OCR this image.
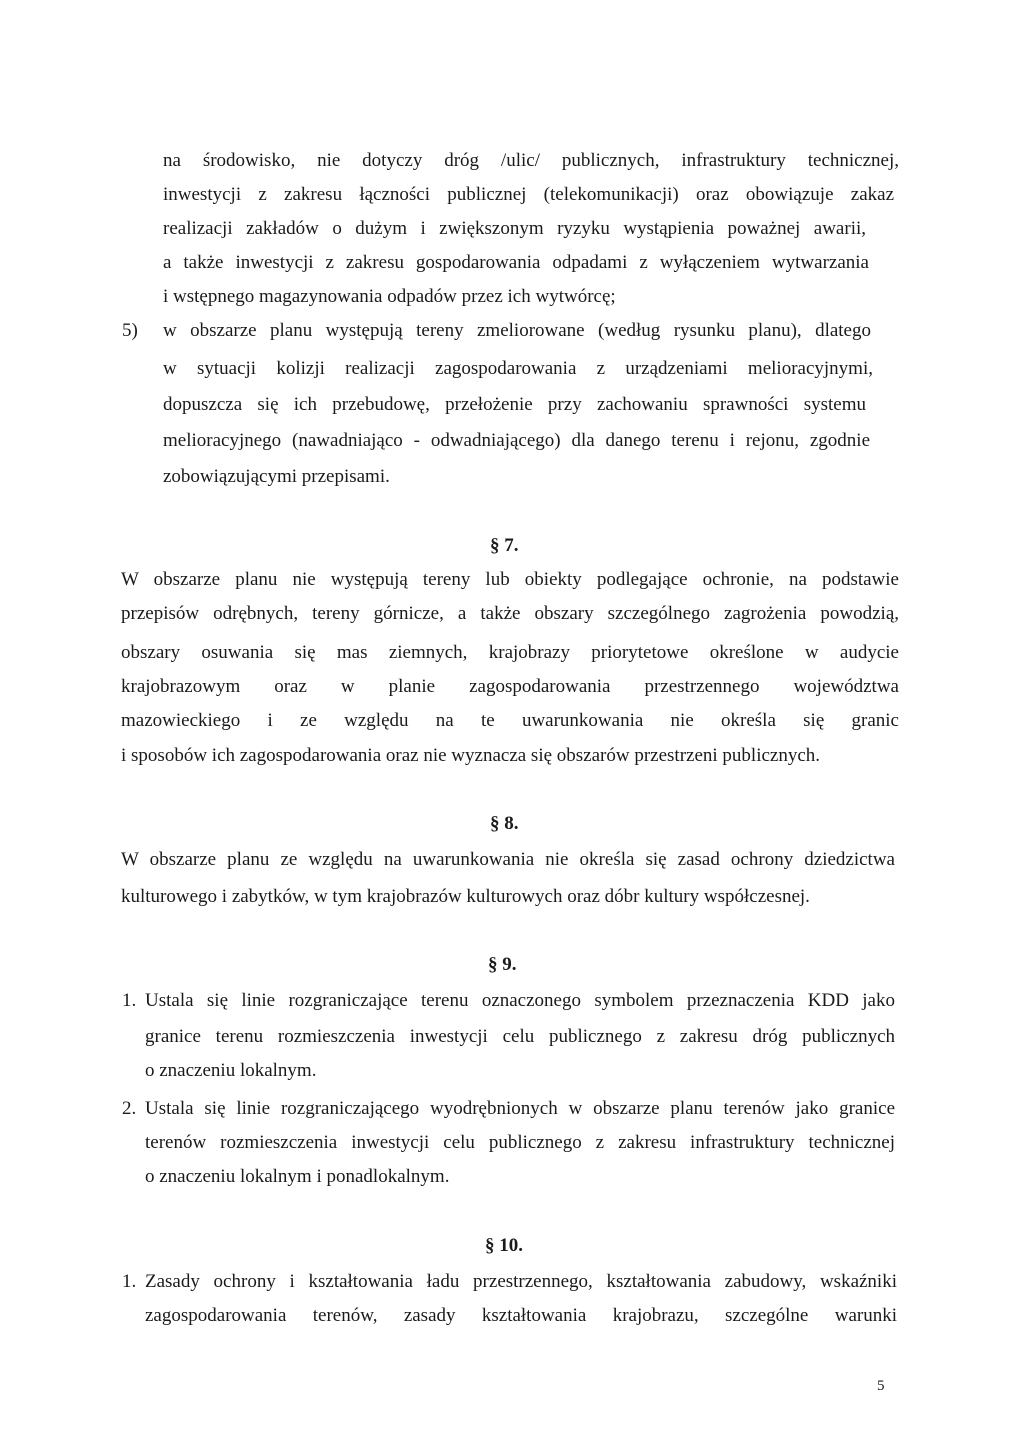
na środowisko, nie dotyczy dróg /ulic/ publicznych, infrastruktury technicznej,
inwestycji z zakresu łączności publicznej (telekomunikacji) oraz obowiązuje zakaz
realizacji zakładów o dużym i zwiększonym ryzyku wystąpienia poważnej awarii,
a także inwestycji z zakresu gospodarowania odpadami z wyłączeniem wytwarzania
i wstępnego magazynowania odpadów przez ich wytwórcę;
5) w obszarze planu występują tereny zmeliorowane (według rysunku planu), dlatego
w sytuacji kolizji realizacji zagospodarowania z urządzeniami melioracyjnymi,
dopuszcza się ich przebudowę, przełożenie przy zachowaniu sprawności systemu
melioracyjnego (nawadniająco - odwadniającego) dla danego terenu i rejonu, zgodnie
zobowiązującymi przepisami.
§ 7.
W obszarze planu nie występują tereny lub obiekty podlegające ochronie, na podstawie
przepisów odrębnych, tereny górnicze, a także obszary szczególnego zagrożenia powodzią,
obszary osuwania się mas ziemnych, krajobrazy priorytetowe określone w audycie
krajobrazowym oraz w planie zagospodarowania przestrzennego województwa
mazowieckiego i ze względu na te uwarunkowania nie określa się granic
i sposobów ich zagospodarowania oraz nie wyznacza się obszarów przestrzeni publicznych.
§ 8.
W obszarze planu ze względu na uwarunkowania nie określa się zasad ochrony dziedzictwa
kulturowego i zabytków, w tym krajobrazów kulturowych oraz dóbr kultury współczesnej.
§ 9.
1. Ustala się linie rozgraniczające terenu oznaczonego symbolem przeznaczenia KDD jako
granice terenu rozmieszczenia inwestycji celu publicznego z zakresu dróg publicznych
o znaczeniu lokalnym.
2. Ustala się linie rozgraniczającego wyodrębnionych w obszarze planu terenów jako granice
terenów rozmieszczenia inwestycji celu publicznego z zakresu infrastruktury technicznej
o znaczeniu lokalnym i ponadlokalnym.
§ 10.
1. Zasady ochrony i kształtowania ładu przestrzennego, kształtowania zabudowy, wskaźniki
zagospodarowania terenów, zasady kształtowania krajobrazu, szczególne warunki
5
